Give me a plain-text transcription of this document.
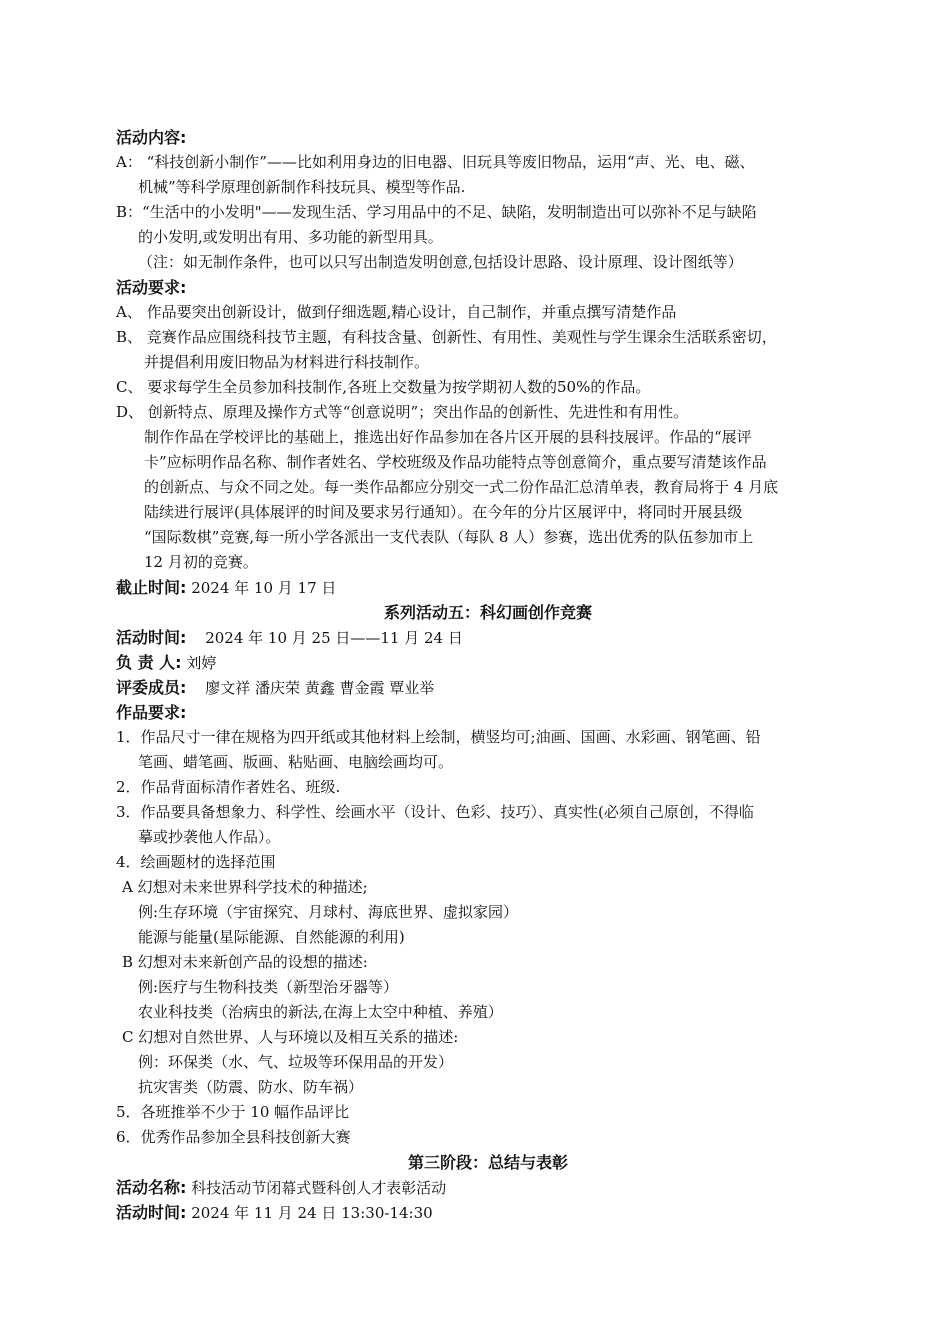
活动内容:
A： “科技创新小制作”——比如利用身边的旧电器、旧玩具等废旧物品，运用“声、光、电、磁、
机械”等科学原理创新制作科技玩具、模型等作品.
B：“生活中的小发明"——发现生活、学习用品中的不足、缺陷，发明制造出可以弥补不足与缺陷
的小发明,或发明出有用、多功能的新型用具。
（注：如无制作条件，也可以只写出制造发明创意,包括设计思路、设计原理、设计图纸等）
活动要求:
A、 作品要突出创新设计，做到仔细选题,精心设计，自己制作，并重点撰写清楚作品
B、 竞赛作品应围绕科技节主题，有科技含量、创新性、有用性、美观性与学生课余生活联系密切，
并提倡利用废旧物品为材料进行科技制作。
C、 要求每学生全员参加科技制作,各班上交数量为按学期初人数的50%的作品。
D、 创新特点、原理及操作方式等“创意说明”；突出作品的创新性、先进性和有用性。
制作作品在学校评比的基础上，推选出好作品参加在各片区开展的县科技展评。作品的“展评
卡”应标明作品名称、制作者姓名、学校班级及作品功能特点等创意简介，重点要写清楚该作品
的创新点、与众不同之处。每一类作品都应分别交一式二份作品汇总清单表，教育局将于 4 月底
陆续进行展评(具体展评的时间及要求另行通知）。在今年的分片区展评中，将同时开展县级
“国际数棋”竞赛,每一所小学各派出一支代表队（每队 8 人）参赛，选出优秀的队伍参加市上
12 月初的竞赛。
截止时间: 2024 年 10 月 17 日
系列活动五：科幻画创作竞赛
活动时间: 2024 年 10 月 25 日——11 月 24 日
负 责 人: 刘婷
评委成员: 廖文祥 潘庆荣 黄鑫 曹金霞 覃业举
作品要求:
1．作品尺寸一律在规格为四开纸或其他材料上绘制，横竖均可;油画、国画、水彩画、钢笔画、铅
笔画、蜡笔画、版画、粘贴画、电脑绘画均可。
2．作品背面标清作者姓名、班级.
3．作品要具备想象力、科学性、绘画水平（设计、色彩、技巧）、真实性(必须自己原创，不得临
摹或抄袭他人作品）。
4．绘画题材的选择范围
A 幻想对未来世界科学技术的种描述;
例:生存环境（宇宙探究、月球村、海底世界、虚拟家园）
能源与能量(星际能源、自然能源的利用)
B 幻想对未来新创产品的设想的描述:
例:医疗与生物科技类（新型治牙器等）
农业科技类（治病虫的新法,在海上太空中种植、养殖）
C 幻想对自然世界、人与环境以及相互关系的描述:
例：环保类（水、气、垃圾等环保用品的开发）
抗灾害类（防震、防水、防车祸）
5．各班推举不少于 10 幅作品评比
6．优秀作品参加全县科技创新大赛
第三阶段：总结与表彰
活动名称: 科技活动节闭幕式暨科创人才表彰活动
活动时间: 2024 年 11 月 24 日 13:30-14:30
